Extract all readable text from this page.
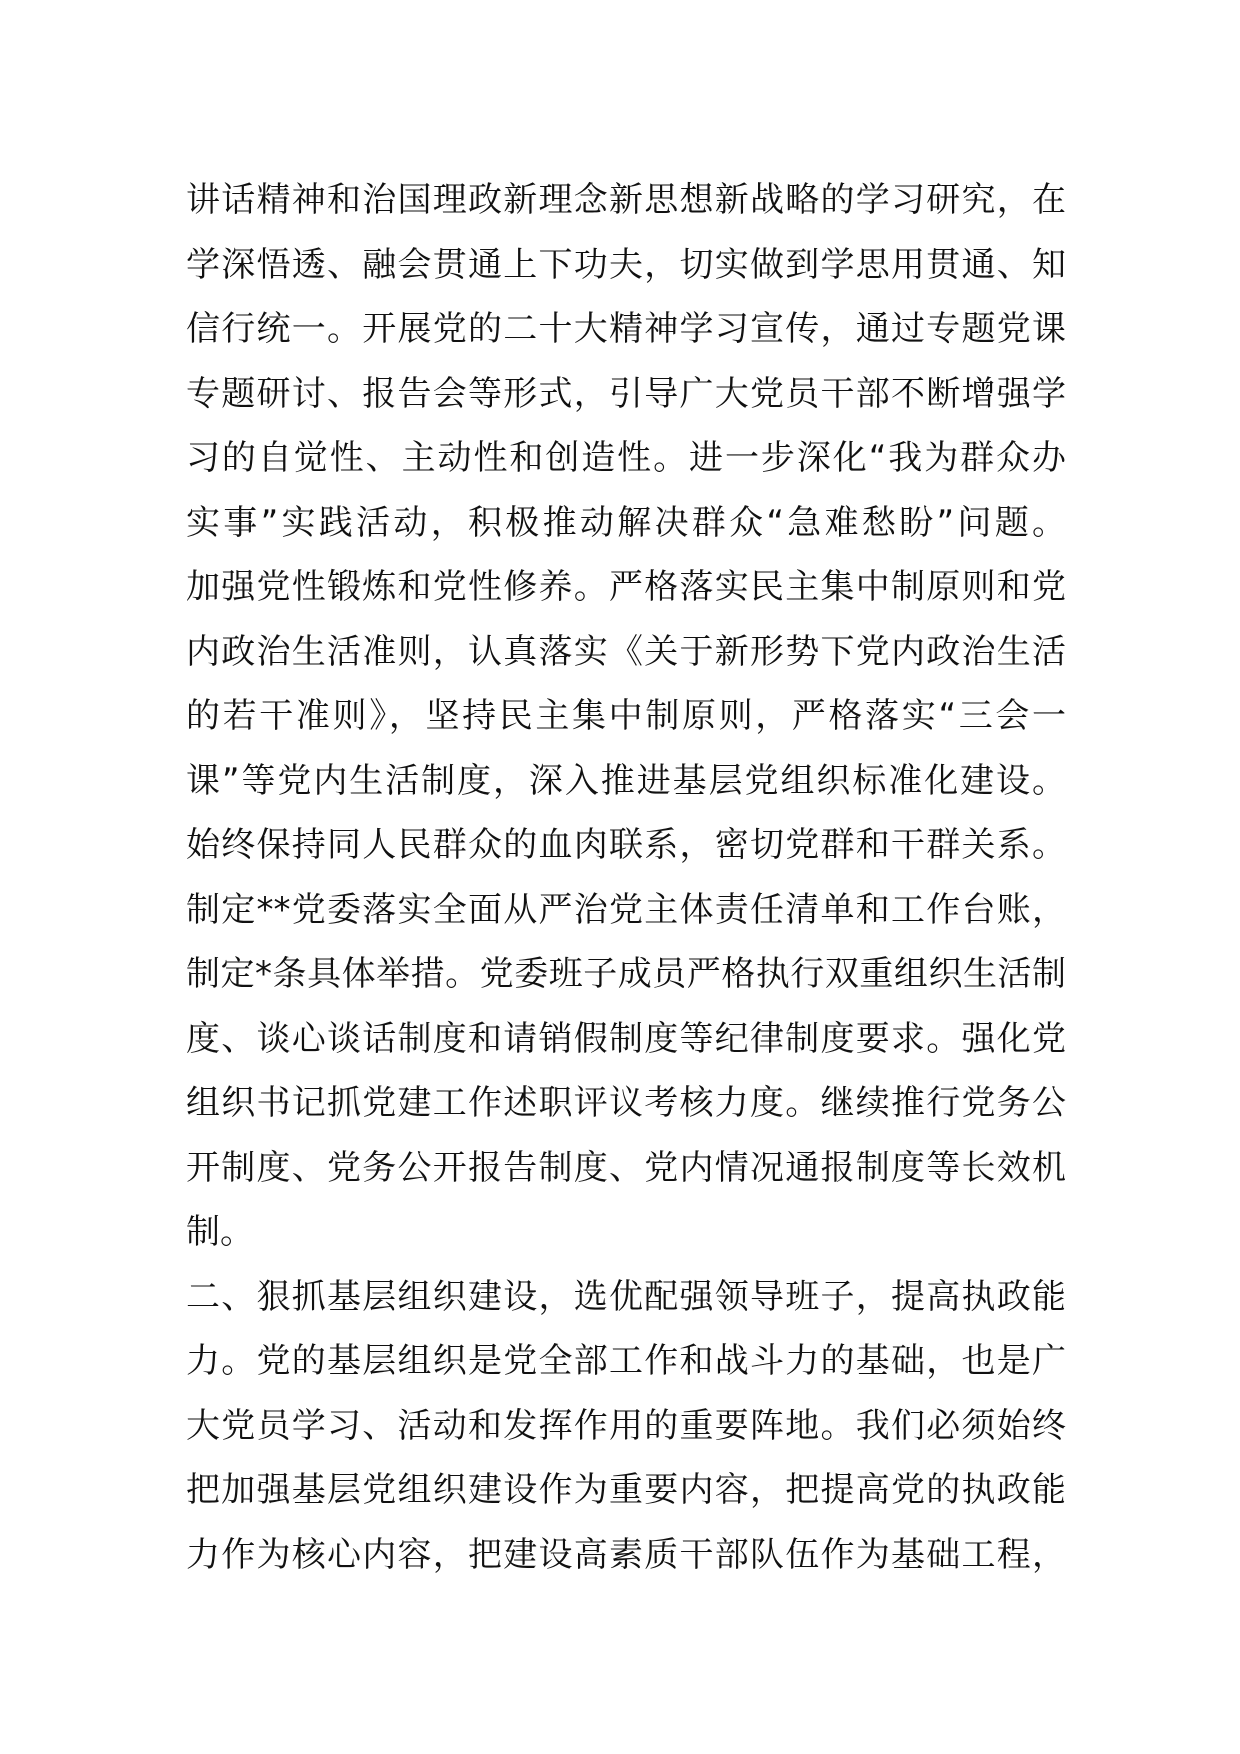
讲话精神和治国理政新理念新思想新战略的学习研究，在
学深悟透、融会贯通上下功夫，切实做到学思用贯通、知
信行统一。开展党的二十大精神学习宣传，通过专题党课
专题研讨、报告会等形式，引导广大党员干部不断增强学
习的自觉性、主动性和创造性。进一步深化“我为群众办
实事”实践活动，积极推动解决群众“急难愁盼”问题。
加强党性锻炼和党性修养。严格落实民主集中制原则和党
内政治生活准则，认真落实《关于新形势下党内政治生活
的若干准则》，坚持民主集中制原则，严格落实“三会一
课”等党内生活制度，深入推进基层党组织标准化建设。
始终保持同人民群众的血肉联系，密切党群和干群关系。
制定**党委落实全面从严治党主体责任清单和工作台账，
制定*条具体举措。党委班子成员严格执行双重组织生活制
度、谈心谈话制度和请销假制度等纪律制度要求。强化党
组织书记抓党建工作述职评议考核力度。继续推行党务公
开制度、党务公开报告制度、党内情况通报制度等长效机
制。
二、狠抓基层组织建设，选优配强领导班子，提高执政能
力。党的基层组织是党全部工作和战斗力的基础，也是广
大党员学习、活动和发挥作用的重要阵地。我们必须始终
把加强基层党组织建设作为重要内容，把提高党的执政能
力作为核心内容，把建设高素质干部队伍作为基础工程，
